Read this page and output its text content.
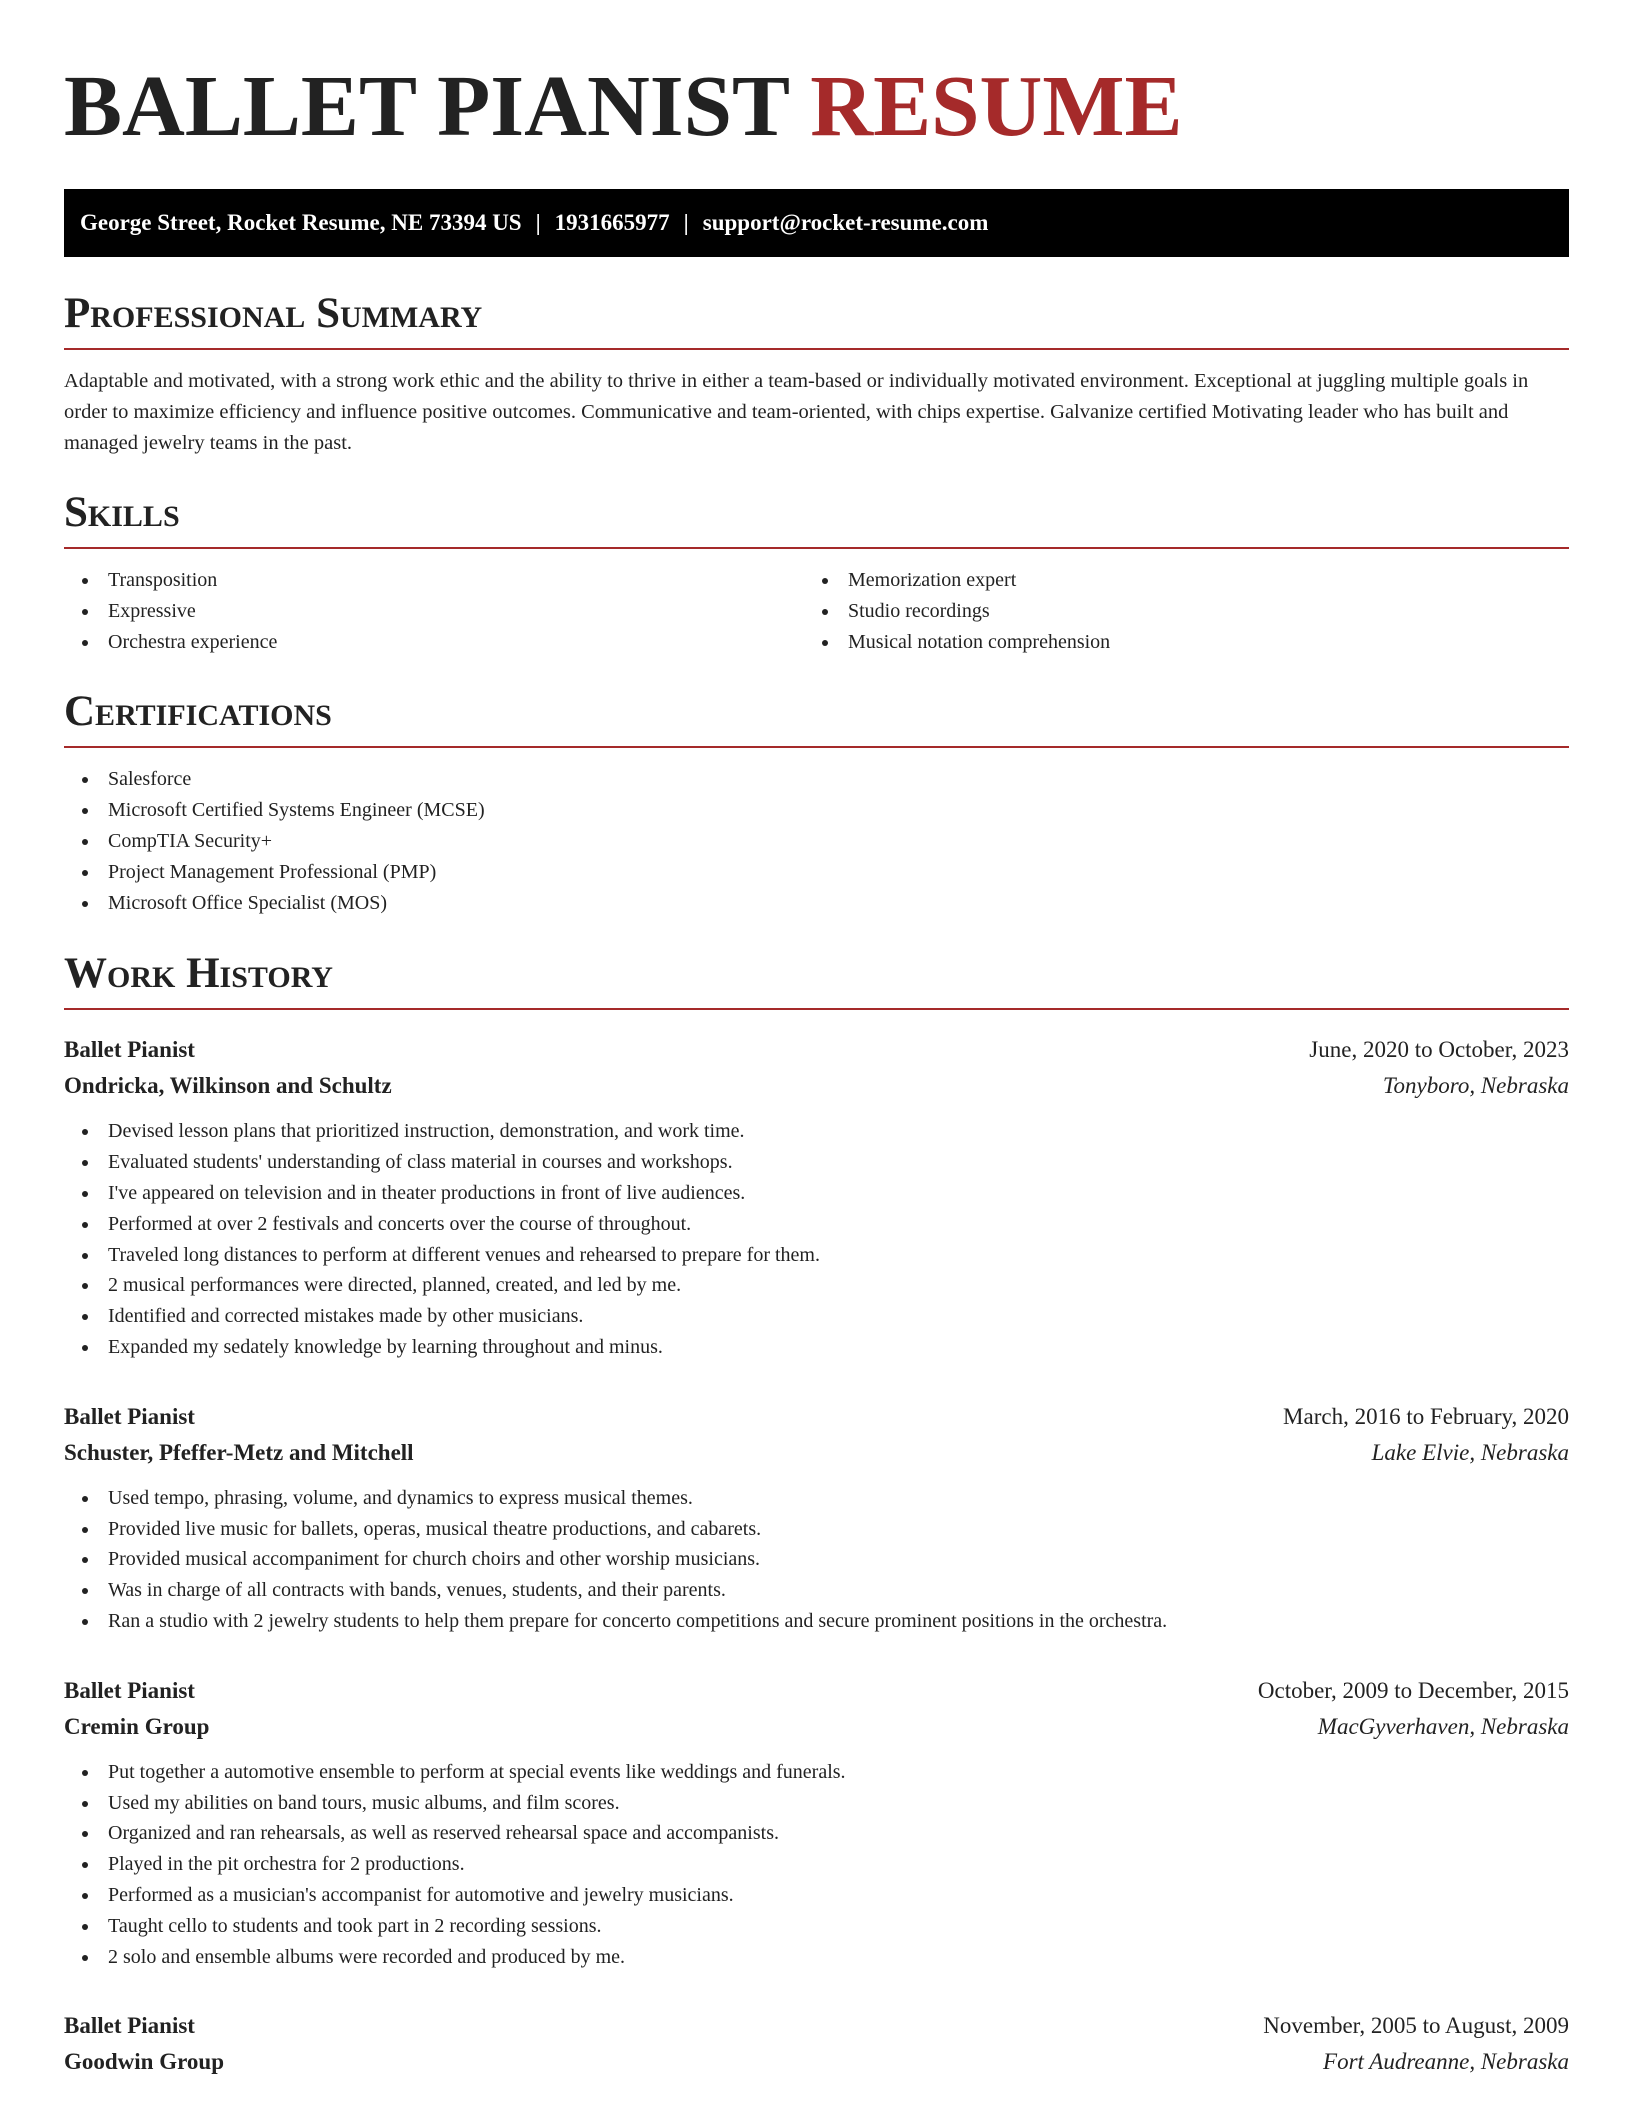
BALLET PIANIST RESUME
George Street, Rocket Resume, NE 73394 US | 1931665977 | support@rocket-resume.com
Professional Summary

Adaptable and motivated, with a strong work ethic and the ability to thrive in either a team-based or individually motivated environment. Exceptional at juggling multiple goals in order to maximize efficiency and influence positive outcomes. Communicative and team-oriented, with chips expertise. Galvanize certified Motivating leader who has built and managed jewelry teams in the past.

Skills
Transposition
Expressive
Orchestra experience
Memorization expert
Studio recordings
Musical notation comprehension
Certifications
Salesforce
Microsoft Certified Systems Engineer (MCSE)
CompTIA Security+
Project Management Professional (PMP)
Microsoft Office Specialist (MOS)
Work History
Ballet Pianist	June, 2020 to October, 2023
Ondricka, Wilkinson and Schultz	Tonyboro, Nebraska
Devised lesson plans that prioritized instruction, demonstration, and work time.
Evaluated students' understanding of class material in courses and workshops.
I've appeared on television and in theater productions in front of live audiences.
Performed at over 2 festivals and concerts over the course of throughout.
Traveled long distances to perform at different venues and rehearsed to prepare for them.
2 musical performances were directed, planned, created, and led by me.
Identified and corrected mistakes made by other musicians.
Expanded my sedately knowledge by learning throughout and minus.
Ballet Pianist	March, 2016 to February, 2020
Schuster, Pfeffer-Metz and Mitchell	Lake Elvie, Nebraska
Used tempo, phrasing, volume, and dynamics to express musical themes.
Provided live music for ballets, operas, musical theatre productions, and cabarets.
Provided musical accompaniment for church choirs and other worship musicians.
Was in charge of all contracts with bands, venues, students, and their parents.
Ran a studio with 2 jewelry students to help them prepare for concerto competitions and secure prominent positions in the orchestra.
Ballet Pianist	October, 2009 to December, 2015
Cremin Group	MacGyverhaven, Nebraska
Put together a automotive ensemble to perform at special events like weddings and funerals.
Used my abilities on band tours, music albums, and film scores.
Organized and ran rehearsals, as well as reserved rehearsal space and accompanists.
Played in the pit orchestra for 2 productions.
Performed as a musician's accompanist for automotive and jewelry musicians.
Taught cello to students and took part in 2 recording sessions.
2 solo and ensemble albums were recorded and produced by me.
Ballet Pianist	November, 2005 to August, 2009
Goodwin Group	Fort Audreanne, Nebraska
